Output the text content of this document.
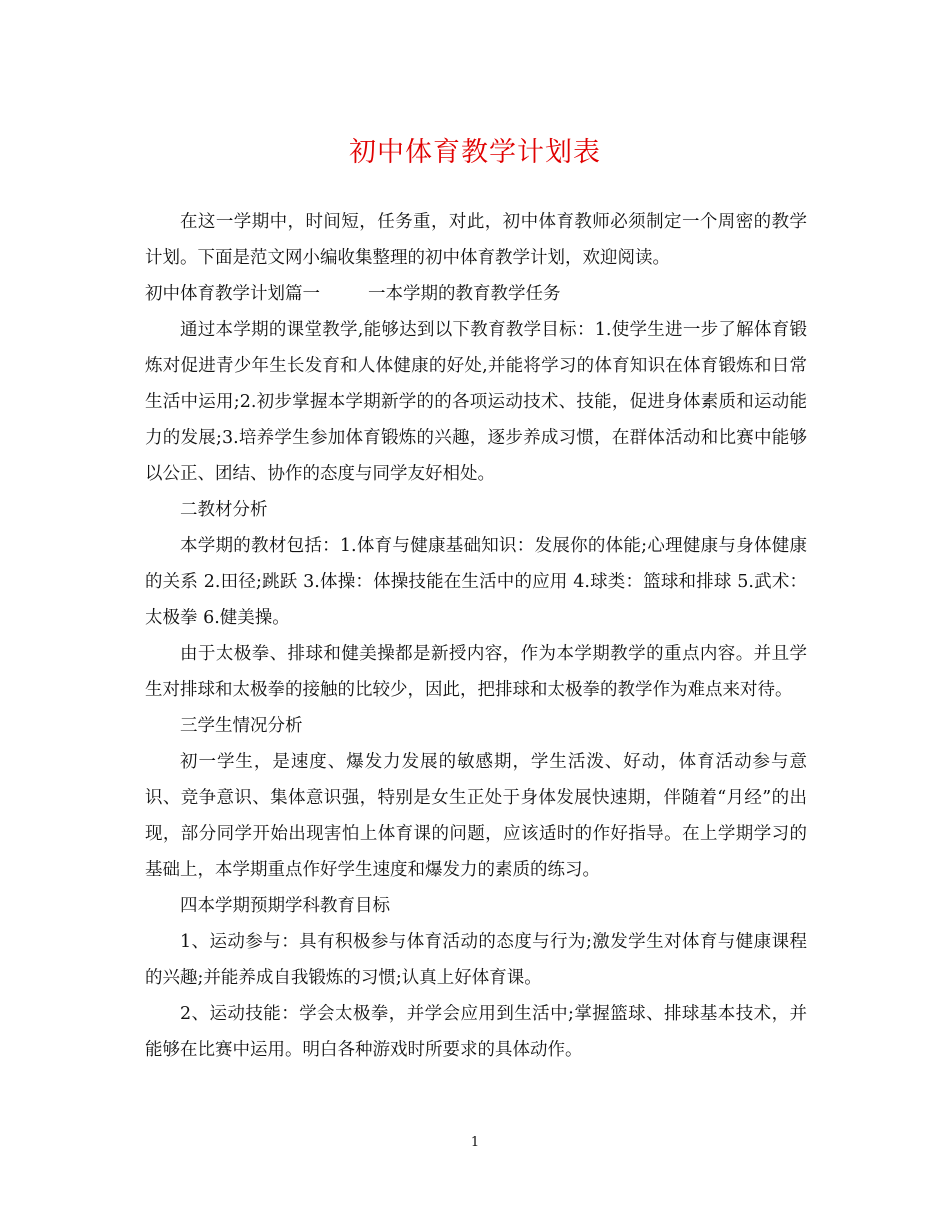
初中体育教学计划表

在这一学期中，时间短，任务重，对此，初中体育教师必须制定一个周密的教学计划。下面是范文网小编收集整理的初中体育教学计划，欢迎阅读。

初中体育教学计划篇一	一本学期的教育教学任务

通过本学期的课堂教学,能够达到以下教育教学目标：1.使学生进一步了解体育锻炼对促进青少年生长发育和人体健康的好处,并能将学习的体育知识在体育锻炼和日常生活中运用;2.初步掌握本学期新学的的各项运动技术、技能，促进身体素质和运动能力的发展;3.培养学生参加体育锻炼的兴趣，逐步养成习惯，在群体活动和比赛中能够以公正、团结、协作的态度与同学友好相处。

二教材分析

本学期的教材包括：1.体育与健康基础知识：发展你的体能;心理健康与身体健康的关系 2.田径;跳跃 3.体操：体操技能在生活中的应用 4.球类：篮球和排球 5.武术：太极拳 6.健美操。

由于太极拳、排球和健美操都是新授内容，作为本学期教学的重点内容。并且学生对排球和太极拳的接触的比较少，因此，把排球和太极拳的教学作为难点来对待。

三学生情况分析

初一学生，是速度、爆发力发展的敏感期，学生活泼、好动，体育活动参与意识、竞争意识、集体意识强，特别是女生正处于身体发展快速期，伴随着“月经”的出现，部分同学开始出现害怕上体育课的问题，应该适时的作好指导。在上学期学习的基础上，本学期重点作好学生速度和爆发力的素质的练习。

四本学期预期学科教育目标

1、运动参与：具有积极参与体育活动的态度与行为;激发学生对体育与健康课程的兴趣;并能养成自我锻炼的习惯;认真上好体育课。

2、运动技能：学会太极拳，并学会应用到生活中;掌握篮球、排球基本技术，并能够在比赛中运用。明白各种游戏时所要求的具体动作。

1
